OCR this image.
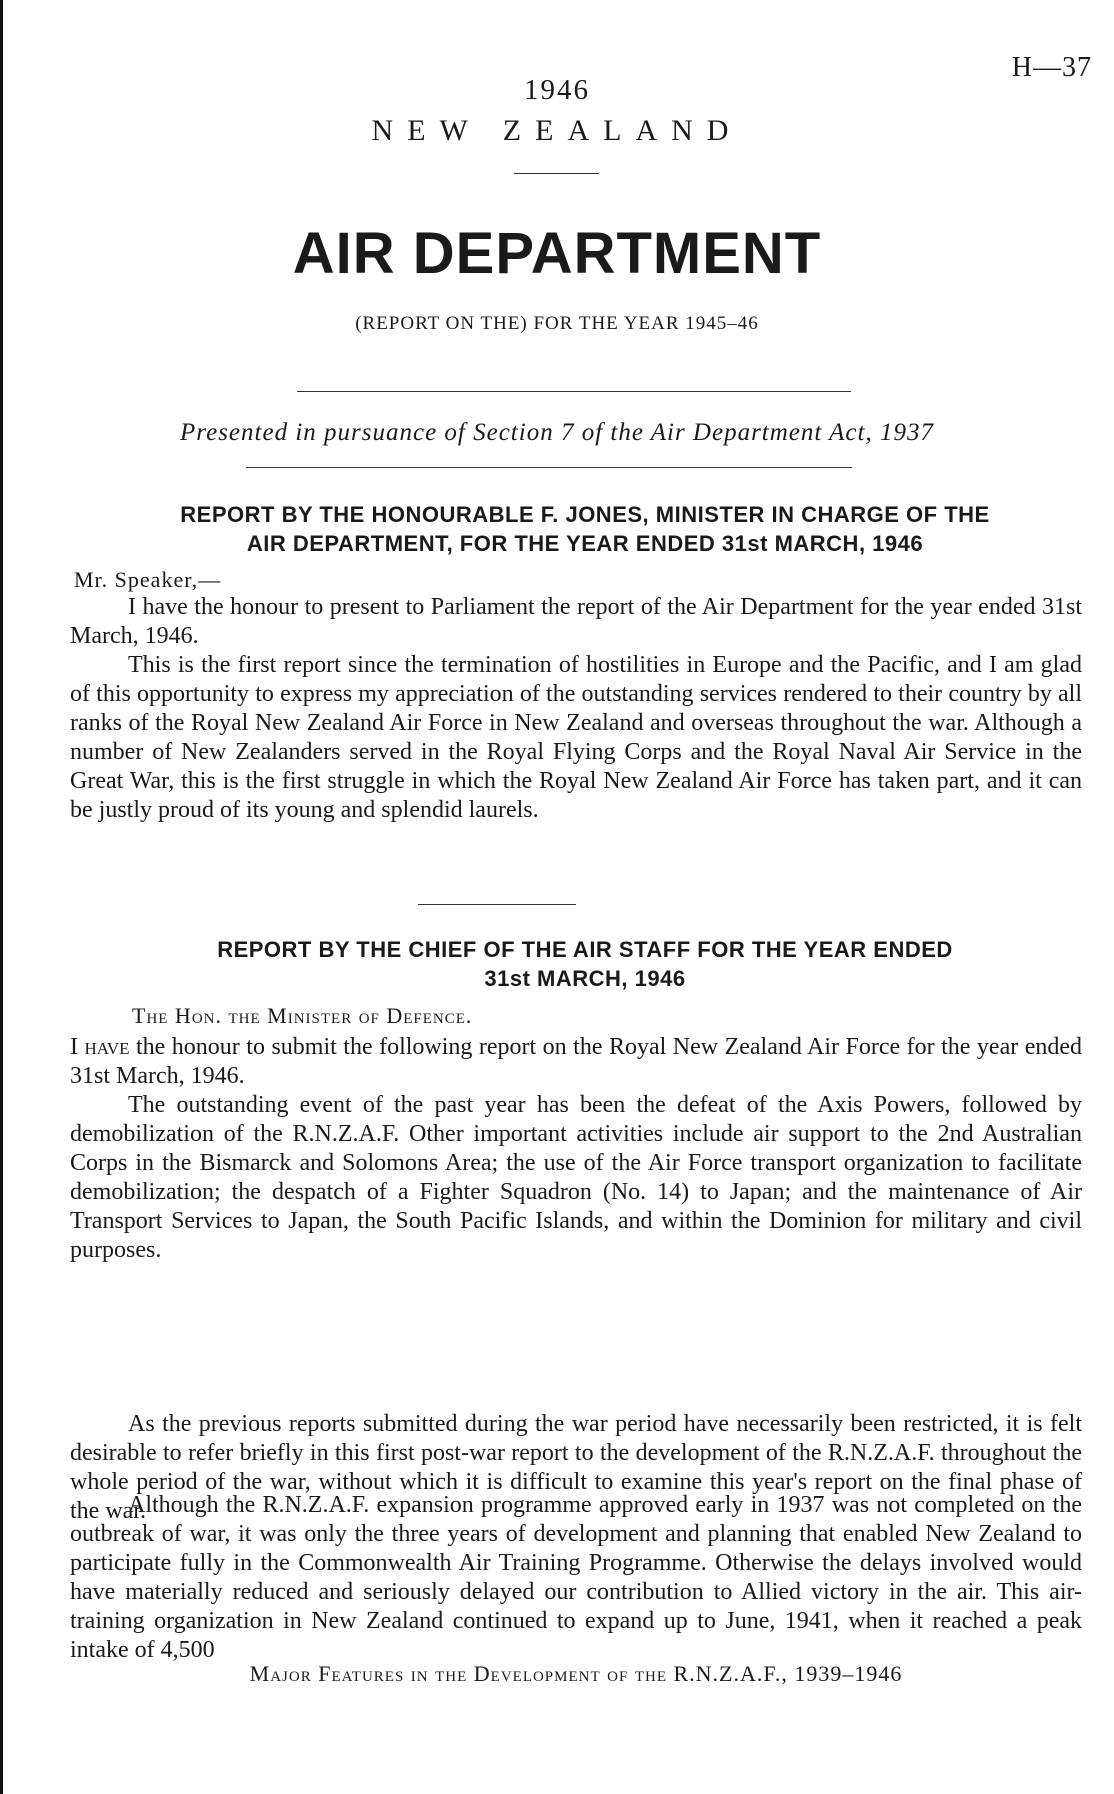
H—37
1946
NEW ZEALAND
AIR DEPARTMENT
(REPORT ON THE) FOR THE YEAR 1945–46
Presented in pursuance of Section 7 of the Air Department Act, 1937
REPORT BY THE HONOURABLE F. JONES, MINISTER IN CHARGE OF THE
AIR DEPARTMENT, FOR THE YEAR ENDED 31st MARCH, 1946
Mr. Speaker,—
I have the honour to present to Parliament the report of the Air Department for the year ended 31st March, 1946.
This is the first report since the termination of hostilities in Europe and the Pacific, and I am glad of this opportunity to express my appreciation of the outstanding services rendered to their country by all ranks of the Royal New Zealand Air Force in New Zealand and overseas throughout the war. Although a number of New Zealanders served in the Royal Flying Corps and the Royal Naval Air Service in the Great War, this is the first struggle in which the Royal New Zealand Air Force has taken part, and it can be justly proud of its young and splendid laurels.
REPORT BY THE CHIEF OF THE AIR STAFF FOR THE YEAR ENDED
31st MARCH, 1946
The Hon. the Minister of Defence.
I have the honour to submit the following report on the Royal New Zealand Air Force for the year ended 31st March, 1946.
The outstanding event of the past year has been the defeat of the Axis Powers, followed by demobilization of the R.N.Z.A.F. Other important activities include air support to the 2nd Australian Corps in the Bismarck and Solomons Area; the use of the Air Force transport organization to facilitate demobilization; the despatch of a Fighter Squadron (No. 14) to Japan; and the maintenance of Air Transport Services to Japan, the South Pacific Islands, and within the Dominion for military and civil purposes.
As the previous reports submitted during the war period have necessarily been restricted, it is felt desirable to refer briefly in this first post-war report to the development of the R.N.Z.A.F. throughout the whole period of the war, without which it is difficult to examine this year's report on the final phase of the war.
Major Features in the Development of the R.N.Z.A.F., 1939–1946
Although the R.N.Z.A.F. expansion programme approved early in 1937 was not completed on the outbreak of war, it was only the three years of development and planning that enabled New Zealand to participate fully in the Commonwealth Air Training Programme. Otherwise the delays involved would have materially reduced and seriously delayed our contribution to Allied victory in the air. This air-training organization in New Zealand continued to expand up to June, 1941, when it reached a peak intake of 4,500
